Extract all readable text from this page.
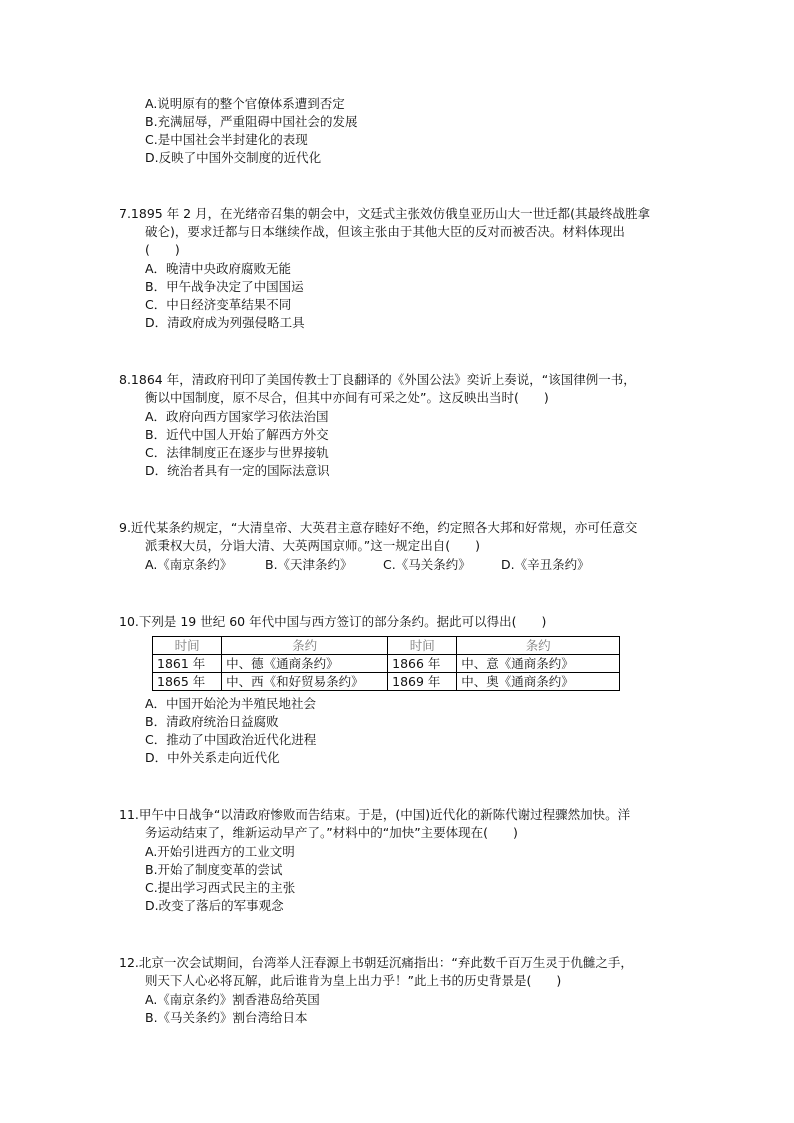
A.说明原有的整个官僚体系遭到否定
B.充满屈辱，严重阻碍中国社会的发展
C.是中国社会半封建化的表现
D.反映了中国外交制度的近代化
7.1895 年 2 月，在光绪帝召集的朝会中，文廷式主张效仿俄皇亚历山大一世迁都(其最终战胜拿
破仑)，要求迁都与日本继续作战，但该主张由于其他大臣的反对而被否决。材料体现出
(　　)
A．晚清中央政府腐败无能
B．甲午战争决定了中国国运
C．中日经济变革结果不同
D．清政府成为列强侵略工具
8.1864 年，清政府刊印了美国传教士丁良翻译的《外国公法》奕䜣上奏说，“该国律例一书，
衡以中国制度，原不尽合，但其中亦间有可采之处”。这反映出当时(　　)
A．政府向西方国家学习依法治国
B．近代中国人开始了解西方外交
C．法律制度正在逐步与世界接轨
D．统治者具有一定的国际法意识
9.近代某条约规定，“大清皇帝、大英君主意存睦好不绝，约定照各大邦和好常规，亦可任意交
派秉权大员，分诣大清、大英两国京师。”这一规定出自(　　)
A.《南京条约》	B.《天津条约》 C.《马关条约》 D.《辛丑条约》
10.下列是 19 世纪 60 年代中国与西方签订的部分条约。据此可以得出(　　)
时间	条约	时间	条约
1861 年	中、德《通商条约》	1866 年	中、意《通商条约》
1865 年	中、西《和好贸易条约》	1869 年	中、奥《通商条约》
A．中国开始沦为半殖民地社会
B．清政府统治日益腐败
C．推动了中国政治近代化进程
D．中外关系走向近代化
11.甲午中日战争“以清政府惨败而告结束。于是，(中国)近代化的新陈代谢过程骤然加快。洋
务运动结束了，维新运动早产了。”材料中的“加快”主要体现在(　　)
A.开始引进西方的工业文明
B.开始了制度变革的尝试
C.提出学习西式民主的主张
D.改变了落后的军事观念
12.北京一次会试期间，台湾举人汪春源上书朝廷沉痛指出：“弃此数千百万生灵于仇雠之手，
则天下人心必将瓦解，此后谁肯为皇上出力乎！”此上书的历史背景是(　　)
A.《南京条约》割香港岛给英国
B.《马关条约》割台湾给日本
